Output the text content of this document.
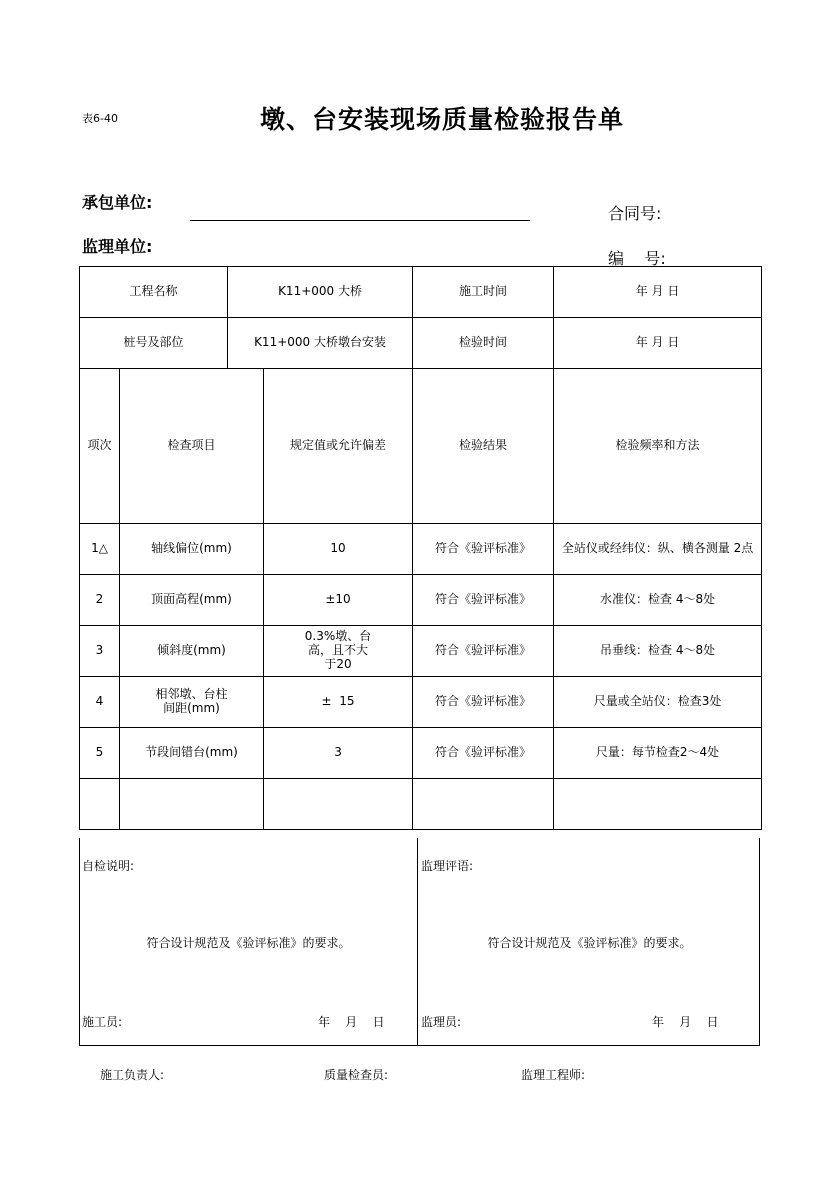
表6-40	墩、台安装现场质量检验报告单
承包单位:
监理单位:
合同号:
编    号:
工程名称		K11+000 大桥		施工时间	年 月 日
桩号及部位		K11+000 大桥墩台安装		检验时间	年 月 日
项次	检查项目		规定值或允许偏差	检验结果	检验频率和方法
1△	轴线偏位(mm)		10	符合《验评标准》	全站仪或经纬仪：纵、横各测量 2点
2	顶面高程(mm)		±10	符合《验评标准》	水准仪：检查 4～8处
3	倾斜度(mm)		0.3%墩、台高，且不大于20	符合《验评标准》	吊垂线：检查 4～8处
4	相邻墩、台柱间距(mm)		±  15	符合《验评标准》	尺量或全站仪：检查3处
5	节段间错台(mm)		3	符合《验评标准》	尺量：每节检查2～4处

自检说明:
符合设计规范及《验评标准》的要求。
施工员:	年    月    日
监理评语:
符合设计规范及《验评标准》的要求。
监理员:	年    月    日
施工负责人:	质量检查员:	监理工程师:
